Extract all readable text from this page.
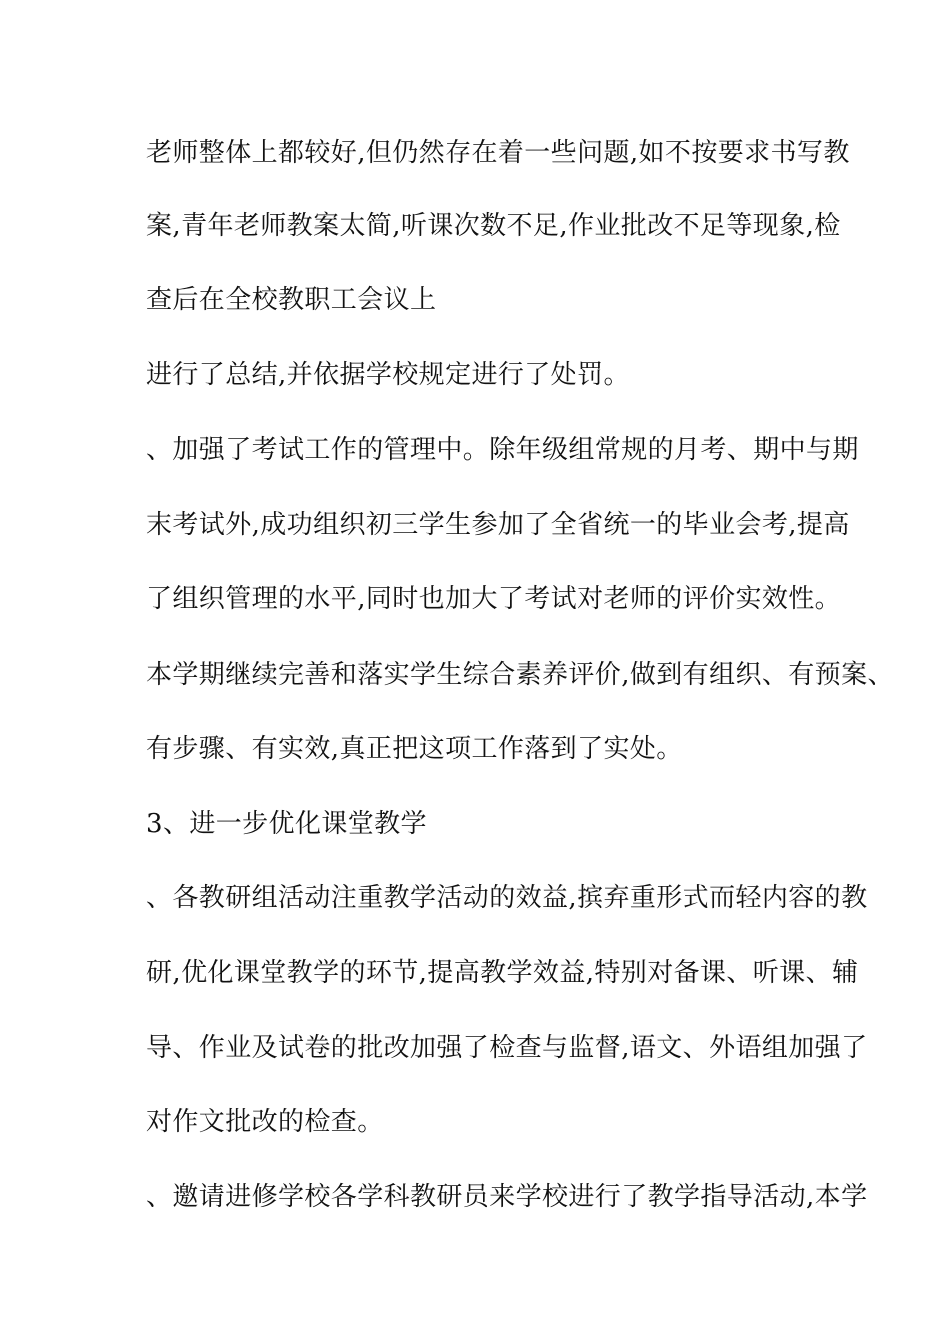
老师整体上都较好,但仍然存在着一些问题,如不按要求书写教
案,青年老师教案太简,听课次数不足,作业批改不足等现象,检
查后在全校教职工会议上
进行了总结,并依据学校规定进行了处罚。
、加强了考试工作的管理中。除年级组常规的月考、期中与期
末考试外,成功组织初三学生参加了全省统一的毕业会考,提高
了组织管理的水平,同时也加大了考试对老师的评价实效性。
本学期继续完善和落实学生综合素养评价,做到有组织、有预案、
有步骤、有实效,真正把这项工作落到了实处。
3、进一步优化课堂教学
、各教研组活动注重教学活动的效益,摈弃重形式而轻内容的教
研,优化课堂教学的环节,提高教学效益,特别对备课、听课、辅
导、作业及试卷的批改加强了检查与监督,语文、外语组加强了
对作文批改的检查。
、邀请进修学校各学科教研员来学校进行了教学指导活动,本学
